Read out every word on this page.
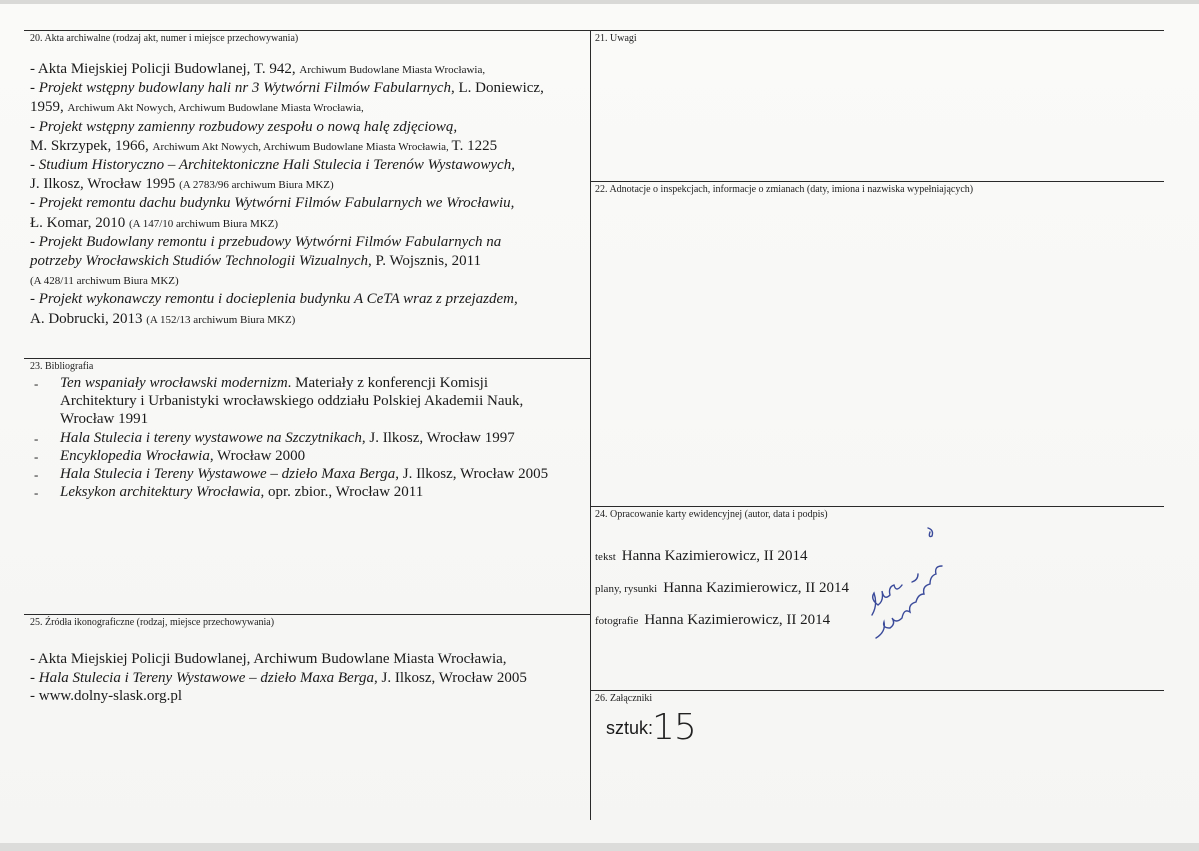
20. Akta archiwalne (rodzaj akt, numer i miejsce przechowywania)
- Akta Miejskiej Policji Budowlanej, T. 942, Archiwum Budowlane Miasta Wrocławia,
- Projekt wstępny budowlany hali nr 3 Wytwórni Filmów Fabularnych, L. Doniewicz,
1959, Archiwum Akt Nowych, Archiwum Budowlane Miasta Wrocławia,
- Projekt wstępny zamienny rozbudowy zespołu o nową halę zdjęciową,
M. Skrzypek, 1966, Archiwum Akt Nowych, Archiwum Budowlane Miasta Wrocławia, T. 1225
- Studium Historyczno – Architektoniczne Hali Stulecia i Terenów Wystawowych,
J. Ilkosz, Wrocław 1995 (A 2783/96 archiwum Biura MKZ)
- Projekt remontu dachu budynku Wytwórni Filmów Fabularnych we Wrocławiu,
Ł. Komar, 2010 (A 147/10 archiwum Biura MKZ)
- Projekt Budowlany remontu i przebudowy Wytwórni Filmów Fabularnych na
potrzeby Wrocławskich Studiów Technologii Wizualnych, P. Wojsznis, 2011
(A 428/11 archiwum Biura MKZ)
- Projekt wykonawczy remontu i docieplenia budynku A CeTA wraz z przejazdem,
A. Dobrucki, 2013 (A 152/13 archiwum Biura MKZ)
21. Uwagi
22. Adnotacje o inspekcjach, informacje o zmianach (daty, imiona i nazwiska wypełniających)
23. Bibliografia
- Ten wspaniały wrocławski modernizm. Materiały z konferencji Komisji
Architektury i Urbanistyki wrocławskiego oddziału Polskiej Akademii Nauk,
Wrocław 1991
- Hala Stulecia i tereny wystawowe na Szczytnikach, J. Ilkosz, Wrocław 1997
- Encyklopedia Wrocławia, Wrocław 2000
- Hala Stulecia i Tereny Wystawowe – dzieło Maxa Berga, J. Ilkosz, Wrocław 2005
- Leksykon architektury Wrocławia, opr. zbior., Wrocław 2011
24. Opracowanie karty ewidencyjnej (autor, data i podpis)
tekst Hanna Kazimierowicz, II 2014
plany, rysunki Hanna Kazimierowicz, II 2014
fotografie Hanna Kazimierowicz, II 2014
25. Źródła ikonograficzne (rodzaj, miejsce przechowywania)
- Akta Miejskiej Policji Budowlanej, Archiwum Budowlane Miasta Wrocławia,
- Hala Stulecia i Tereny Wystawowe – dzieło Maxa Berga, J. Ilkosz, Wrocław 2005
- www.dolny-slask.org.pl	26. Załączniki
sztuk:
15
